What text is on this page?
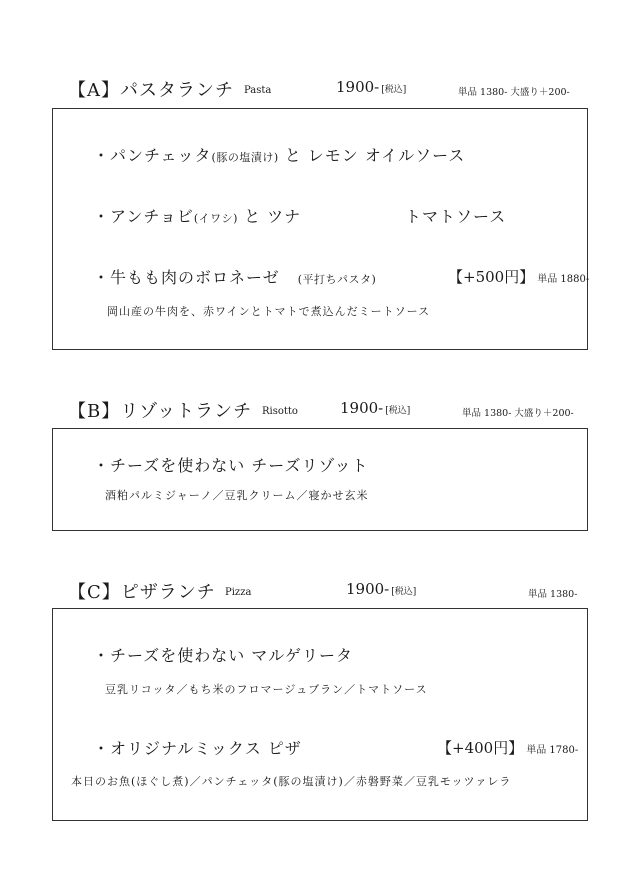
【A】パスタランチ Pasta	1900- [税込]	単品 1380- 大盛り＋200-
・パンチェッタ(豚の塩漬け) と レモン オイルソース
・アンチョビ(イワシ) と ツナ	トマトソース
・牛もも肉のボロネーゼ (平打ちパスタ)	【+500円】 単品 1880-
岡山産の牛肉を、赤ワインとトマトで煮込んだミートソース
【B】リゾットランチ Risotto	1900- [税込]	単品 1380- 大盛り＋200-
・チーズを使わない チーズリゾット
酒粕パルミジャーノ／豆乳クリーム／寝かせ玄米
【C】ピザランチ Pizza	1900- [税込]	単品 1380-
・チーズを使わない マルゲリータ
豆乳リコッタ／もち米のフロマージュブラン／トマトソース
・オリジナルミックス ピザ	【+400円】 単品 1780-
本日のお魚(ほぐし煮)／パンチェッタ(豚の塩漬け)／赤磐野菜／豆乳モッツァレラ
